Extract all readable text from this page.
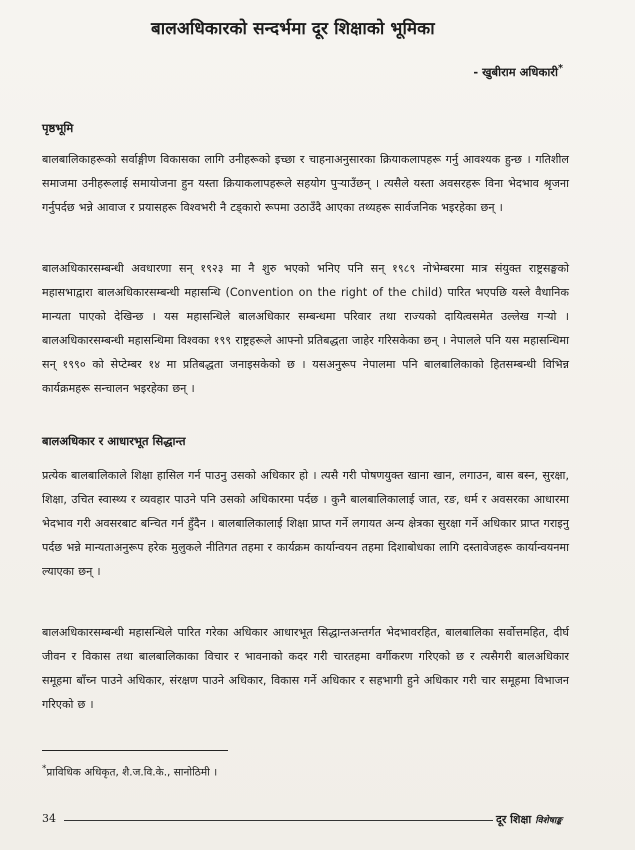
बालअधिकारको सन्दर्भमा दूर शिक्षाको भूमिका
- खुबीराम अधिकारी*
पृष्ठभूमि

बालबालिकाहरूको सर्वाङ्गीण विकासका लागि उनीहरूको इच्छा र चाहनाअनुसारका क्रियाकलापहरू गर्नु आवश्यक हुन्छ । गतिशील समाजमा उनीहरूलाई समायोजना हुन यस्ता क्रियाकलापहरूले सहयोग पुऱ्याउँछन् । त्यसैले यस्ता अवसरहरू विना भेदभाव श्रृजना गर्नुपर्दछ भन्ने आवाज र प्रयासहरू विश्वभरी नै टड्कारो रूपमा उठाउँदै आएका तथ्यहरू सार्वजनिक भइरहेका छन् ।

बालअधिकारसम्बन्धी अवधारणा सन् १९२३ मा नै शुरु भएको भनिए पनि सन् १९८९ नोभेम्बरमा मात्र संयुक्त राष्ट्रसङ्घको महासभाद्वारा बालअधिकारसम्बन्धी महासन्धि (Convention on the right of the child) पारित भएपछि यस्ले वैधानिक मान्यता पाएको देखिन्छ । यस महासन्धिले बालअधिकार सम्बन्धमा परिवार तथा राज्यको दायित्वसमेत उल्लेख गऱ्यो । बालअधिकारसम्बन्धी महासन्धिमा विश्वका १९९ राष्ट्रहरूले आफ्नो प्रतिबद्धता जाहेर गरिसकेका छन् । नेपालले पनि यस महासन्धिमा सन् १९९० को सेप्टेम्बर १४ मा प्रतिबद्धता जनाइसकेको छ । यसअनुरूप नेपालमा पनि बालबालिकाको हितसम्बन्धी विभिन्न कार्यक्रमहरू सन्चालन भइरहेका छन् ।

बालअधिकार र आधारभूत सिद्धान्त

प्रत्येक बालबालिकाले शिक्षा हासिल गर्न पाउनु उसको अधिकार हो । त्यसै गरी पोषणयुक्त खाना खान, लगाउन, बास बस्न, सुरक्षा, शिक्षा, उचित स्वास्थ्य र व्यवहार पाउने पनि उसको अधिकारमा पर्दछ । कुनै बालबालिकालाई जात, रङ, धर्म र अवसरका आधारमा भेदभाव गरी अवसरबाट बन्चित गर्न हुँदैन । बालबालिकालाई शिक्षा प्राप्त गर्ने लगायत अन्य क्षेत्रका सुरक्षा गर्ने अधिकार प्राप्त गराइनु पर्दछ भन्ने मान्यताअनुरूप हरेक मुलुकले नीतिगत तहमा र कार्यक्रम कार्यान्वयन तहमा दिशाबोधका लागि दस्तावेजहरू कार्यान्वयनमा ल्याएका छन् ।

बालअधिकारसम्बन्धी महासन्धिले पारित गरेका अधिकार आधारभूत सिद्धान्तअन्तर्गत भेदभावरहित, बालबालिका सर्वोत्तमहित, दीर्घ जीवन र विकास तथा बालबालिकाका विचार र भावनाको कदर गरी चारतहमा वर्गीकरण गरिएको छ र त्यसैगरी बालअधिकार समूहमा बाँच्न पाउने अधिकार, संरक्षण पाउने अधिकार, विकास गर्ने अधिकार र सहभागी हुने अधिकार गरी चार समूहमा विभाजन गरिएको छ ।

*प्राविधिक अधिकृत, शै.ज.वि.के., सानोठिमी ।
34	दूर शिक्षा विशेषाङ्क
